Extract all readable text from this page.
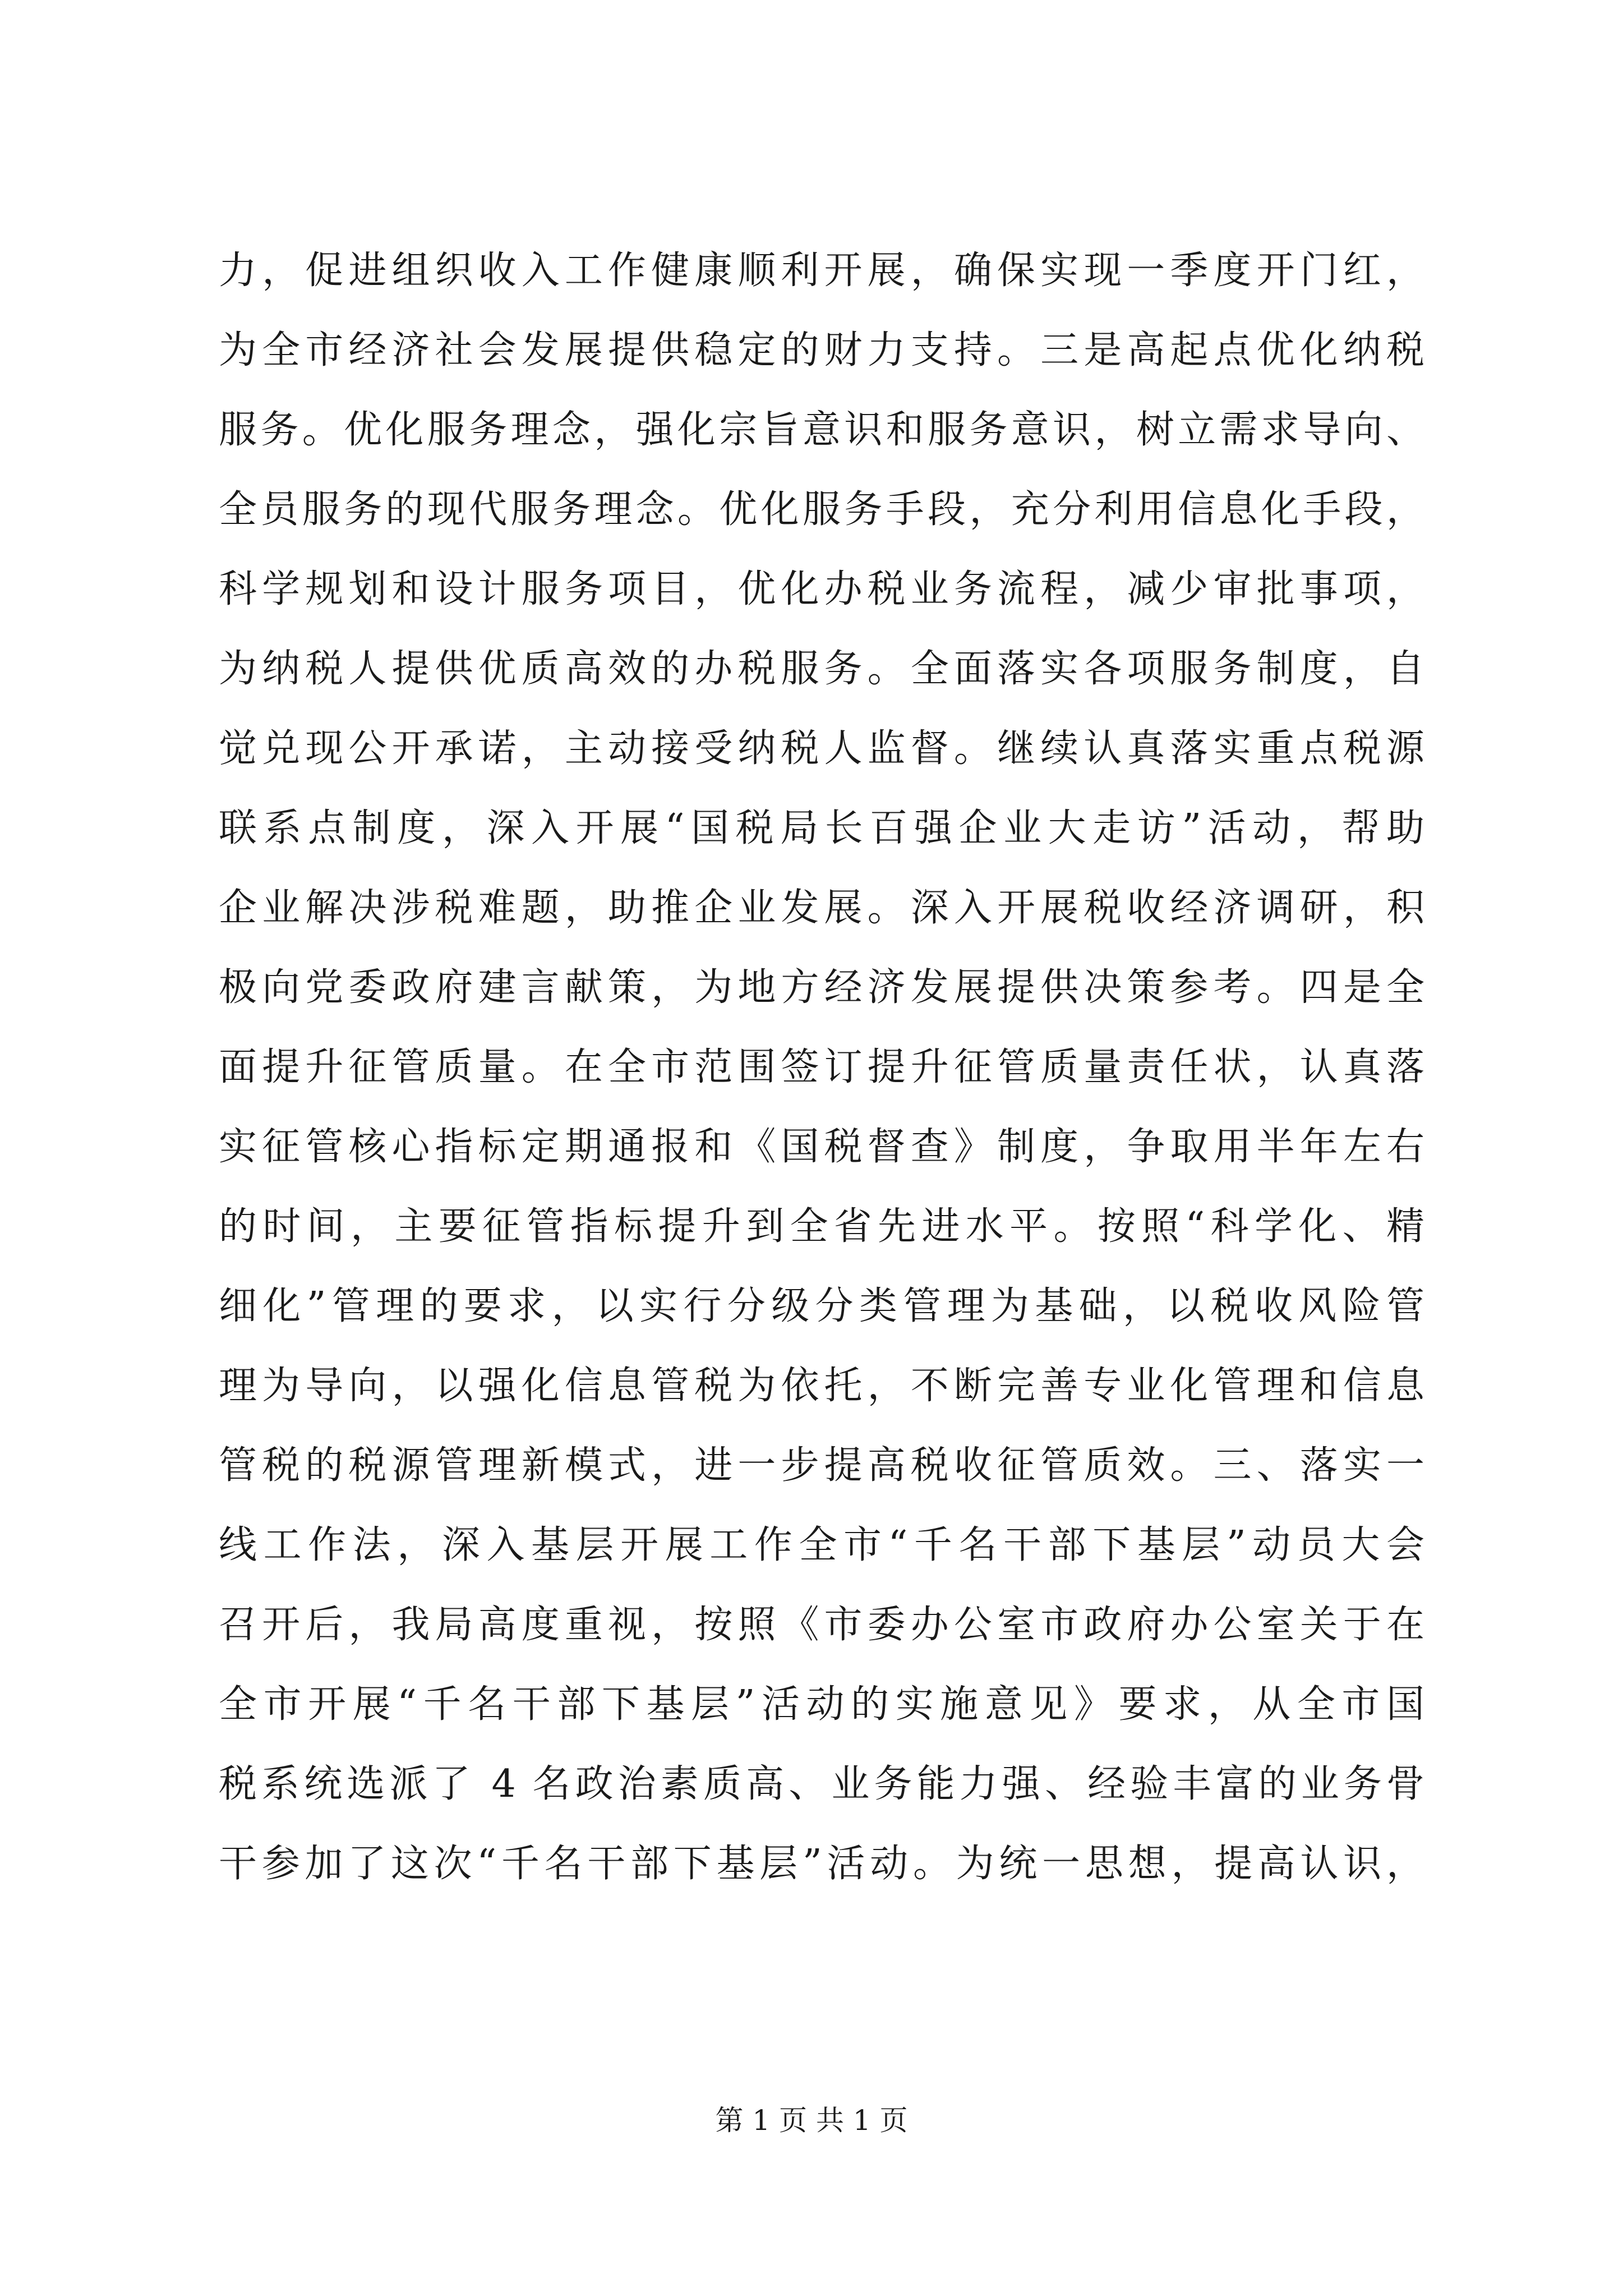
力，促进组织收入工作健康顺利开展，确保实现一季度开门红，
为全市经济社会发展提供稳定的财力支持。三是高起点优化纳税
服务。优化服务理念，强化宗旨意识和服务意识，树立需求导向、
全员服务的现代服务理念。优化服务手段，充分利用信息化手段，
科学规划和设计服务项目，优化办税业务流程，减少审批事项，
为纳税人提供优质高效的办税服务。全面落实各项服务制度，自
觉兑现公开承诺，主动接受纳税人监督。继续认真落实重点税源
联系点制度，深入开展“国税局长百强企业大走访”活动，帮助
企业解决涉税难题，助推企业发展。深入开展税收经济调研，积
极向党委政府建言献策，为地方经济发展提供决策参考。四是全
面提升征管质量。在全市范围签订提升征管质量责任状，认真落
实征管核心指标定期通报和《国税督查》制度，争取用半年左右
的时间，主要征管指标提升到全省先进水平。按照“科学化、精
细化”管理的要求，以实行分级分类管理为基础，以税收风险管
理为导向，以强化信息管税为依托，不断完善专业化管理和信息
管税的税源管理新模式，进一步提高税收征管质效。三、落实一
线工作法，深入基层开展工作全市“千名干部下基层”动员大会
召开后，我局高度重视，按照《市委办公室市政府办公室关于在
全市开展“千名干部下基层”活动的实施意见》要求，从全市国
税系统选派了 4 名政治素质高、业务能力强、经验丰富的业务骨
干参加了这次“千名干部下基层”活动。为统一思想，提高认识，
第 1 页 共 1 页
